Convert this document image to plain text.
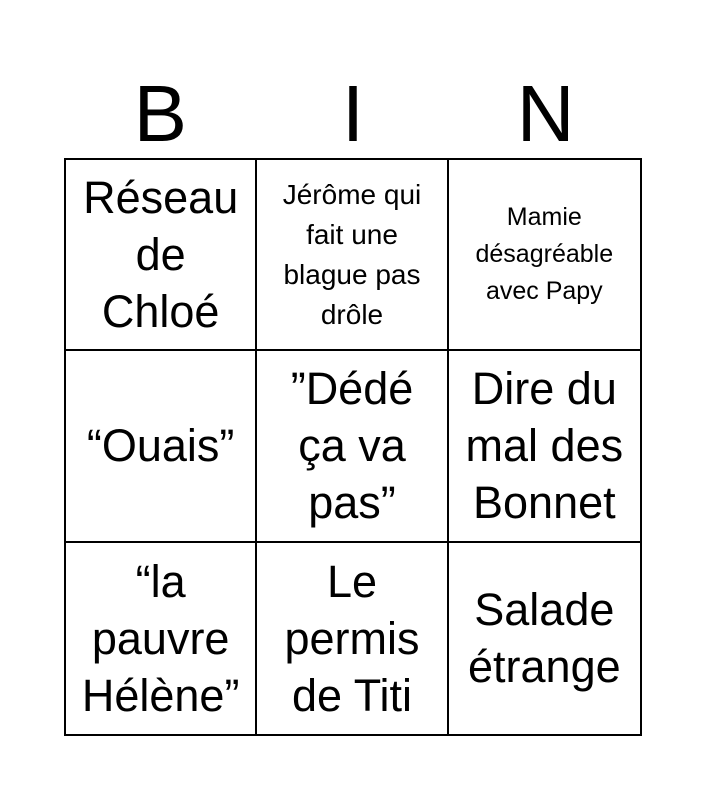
B	I	N
Réseau
de
Chloé
Jérôme qui
fait une
blague pas
drôle
Mamie
désagréable
avec Papy
“Ouais”
”Dédé
ça va
pas”
Dire du
mal des
Bonnet
“la
pauvre
Hélène”
Le
permis
de Titi
Salade
étrange
